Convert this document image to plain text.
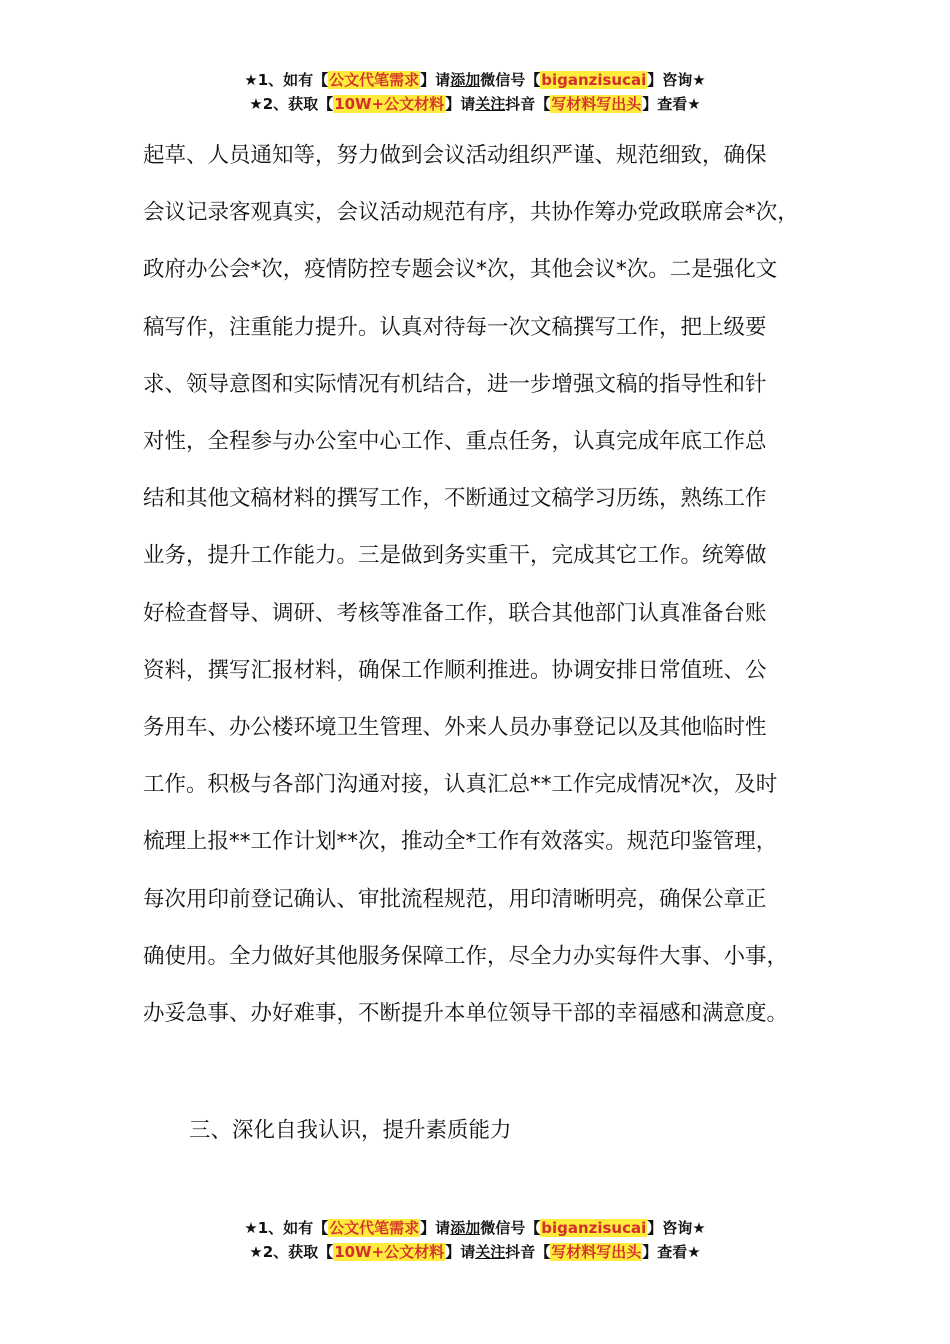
★1、如有【公文代笔需求】请添加微信号【biganzisucai】咨询★
★2、获取【10W+公文材料】请关注抖音【写材料写出头】查看★
起草、人员通知等，努力做到会议活动组织严谨、规范细致，确保
会议记录客观真实，会议活动规范有序，共协作筹办党政联席会*次，
政府办公会*次，疫情防控专题会议*次，其他会议*次。二是强化文
稿写作，注重能力提升。认真对待每一次文稿撰写工作，把上级要
求、领导意图和实际情况有机结合，进一步增强文稿的指导性和针
对性，全程参与办公室中心工作、重点任务，认真完成年底工作总
结和其他文稿材料的撰写工作，不断通过文稿学习历练，熟练工作
业务，提升工作能力。三是做到务实重干，完成其它工作。统筹做
好检查督导、调研、考核等准备工作，联合其他部门认真准备台账
资料，撰写汇报材料，确保工作顺利推进。协调安排日常值班、公
务用车、办公楼环境卫生管理、外来人员办事登记以及其他临时性
工作。积极与各部门沟通对接，认真汇总**工作完成情况*次，及时
梳理上报**工作计划**次，推动全*工作有效落实。规范印鉴管理，
每次用印前登记确认、审批流程规范，用印清晰明亮，确保公章正
确使用。全力做好其他服务保障工作，尽全力办实每件大事、小事，
办妥急事、办好难事，不断提升本单位领导干部的幸福感和满意度。
三、深化自我认识，提升素质能力
★1、如有【公文代笔需求】请添加微信号【biganzisucai】咨询★
★2、获取【10W+公文材料】请关注抖音【写材料写出头】查看★
